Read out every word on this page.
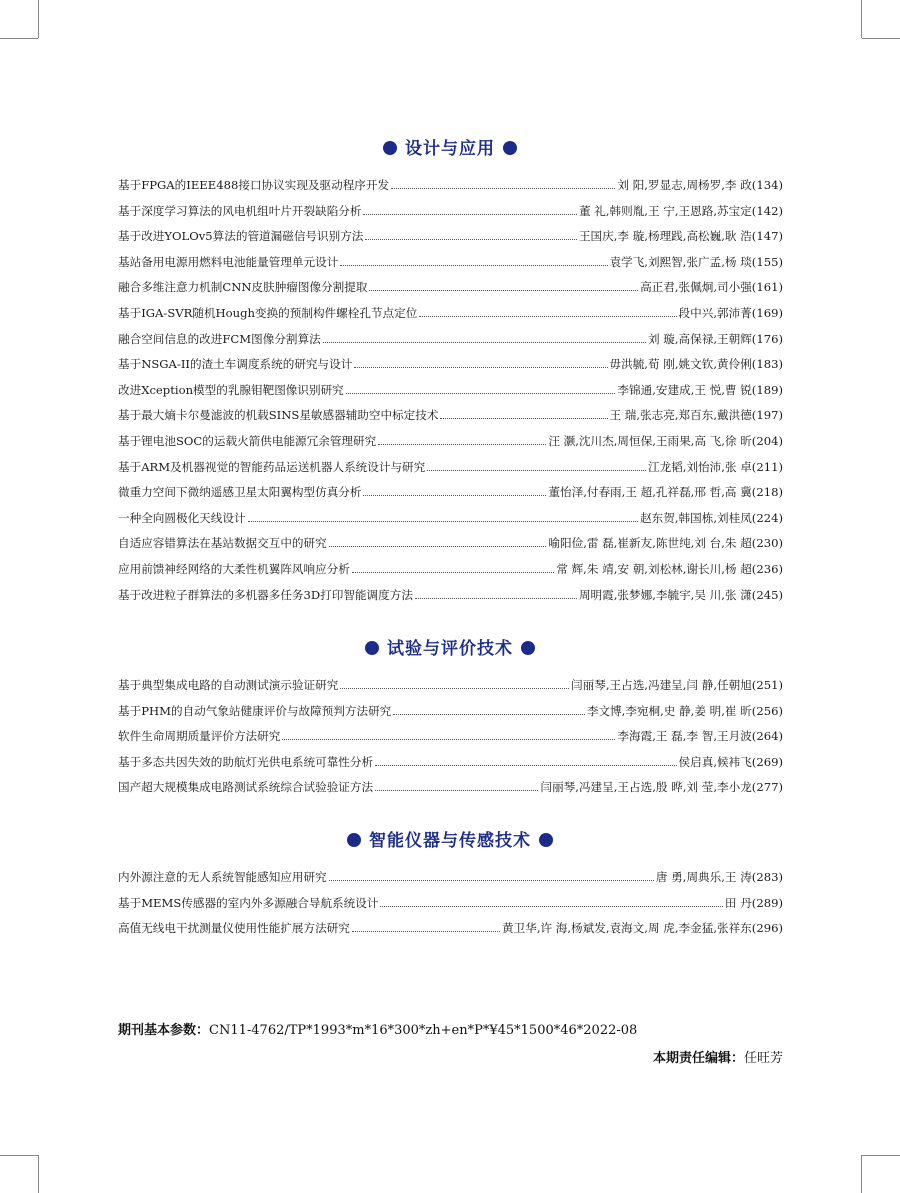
设计与应用
基于FPGA的IEEE488接口协议实现及驱动程序开发	刘 阳,罗显志,周杨罗,李 政 ( 134 )
基于深度学习算法的风电机组叶片开裂缺陷分析	董 礼,韩则胤,王 宁,王恩路,苏宝定 ( 142 )
基于改进YOLOv5算法的管道漏磁信号识别方法	王国庆,李 璇,杨理践,高松巍,耿 浩 ( 147 )
基站备用电源用燃料电池能量管理单元设计	袁学飞,刘熙智,张广孟,杨 琰 ( 155 )
融合多维注意力机制CNN皮肤肿瘤图像分割提取	高正君,张佩炯,司小强 ( 161 )
基于IGA-SVR随机Hough变换的预制构件螺栓孔节点定位	段中兴,郭沛菁 ( 169 )
融合空间信息的改进FCM图像分割算法	刘 璇,高保禄,王朝辉 ( 176 )
基于NSGA-II的渣土车调度系统的研究与设计	毋洪毓,荀 刚,姚文钦,黄伶俐 ( 183 )
改进Xception模型的乳腺钼靶图像识别研究	李锦通,安建成,王 悦,曹 锐 ( 189 )
基于最大熵卡尔曼滤波的机载SINS星敏感器辅助空中标定技术	王 瑞,张志亮,郑百东,戴洪德 ( 197 )
基于锂电池SOC的运载火箭供电能源冗余管理研究	汪 灏,沈川杰,周恒保,王雨果,高 飞,徐 昕 ( 204 )
基于ARM及机器视觉的智能药品运送机器人系统设计与研究	江龙韬,刘怡沛,张 卓 ( 211 )
微重力空间下微纳遥感卫星太阳翼构型仿真分析	董怡泽,付春雨,王 超,孔祥磊,邢 哲,高 冀 ( 218 )
一种全向圆极化天线设计	赵东贺,韩国栋,刘桂凤 ( 224 )
自适应容错算法在基站数据交互中的研究	喻阳俭,雷 磊,崔新友,陈世纯,刘 台,朱 超 ( 230 )
应用前馈神经网络的大柔性机翼阵风响应分析	常 辉,朱 靖,安 朝,刘松林,谢长川,杨 超 ( 236 )
基于改进粒子群算法的多机器多任务3D打印智能调度方法	周明霞,张梦娜,李毓宇,吴 川,张 潇 ( 245 )
试验与评价技术
基于典型集成电路的自动测试演示验证研究	闫丽琴,王占选,冯建呈,闫 静,任朝旭 ( 251 )
基于PHM的自动气象站健康评价与故障预判方法研究	李文博,李宛桐,史 静,姜 明,崔 昕 ( 256 )
软件生命周期质量评价方法研究	李海霞,王 磊,李 智,王月波 ( 264 )
基于多态共因失效的助航灯光供电系统可靠性分析	侯启真,候袆飞 ( 269 )
国产超大规模集成电路测试系统综合试验验证方法	闫丽琴,冯建呈,王占选,殷 晔,刘 莹,李小龙 ( 277 )
智能仪器与传感技术
内外源注意的无人系统智能感知应用研究	唐 勇,周典乐,王 涛 ( 283 )
基于MEMS传感器的室内外多源融合导航系统设计	田 丹 ( 289 )
高值无线电干扰测量仪使用性能扩展方法研究	黄卫华,许 海,杨斌发,袁海文,周 虎,李金猛,张祥东 ( 296 )
期刊基本参数：CN11-4762/TP*1993*m*16*300*zh+en*P*¥45*1500*46*2022-08
本期责任编辑：任旺芳
